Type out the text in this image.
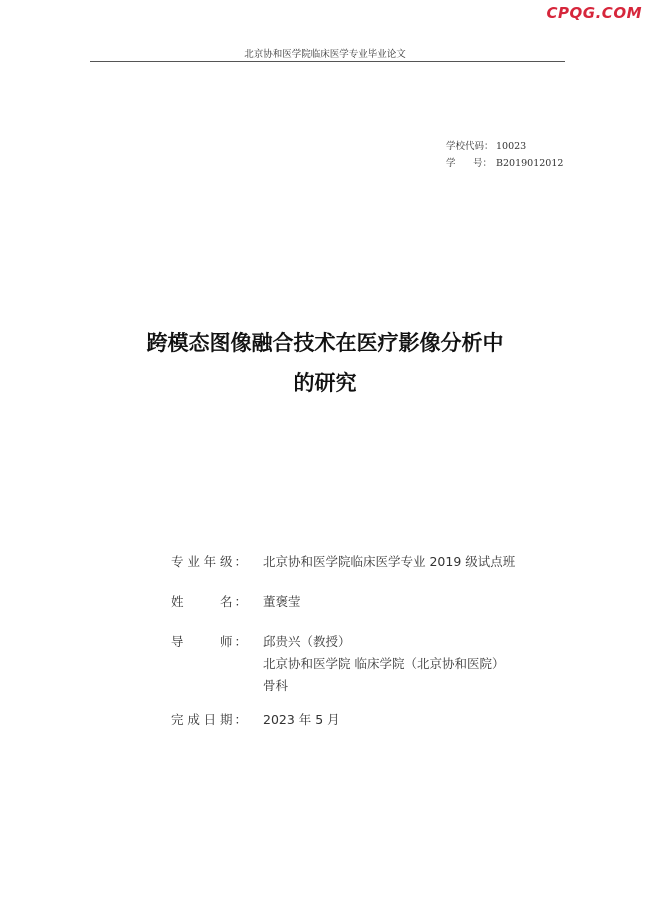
CPQG.COM
北京协和医学院临床医学专业毕业论文
学校代码： 10023
学 号： B2019012012
跨模态图像融合技术在医疗影像分析中
的研究
专 业 年 级 ： 北京协和医学院临床医学专业 2019 级试点班
姓	名 ： 董褒莹
导	师 ： 邱贵兴（教授）
北京协和医学院 临床学院（北京协和医院）
骨科
完 成 日 期 ： 2023 年 5 月
